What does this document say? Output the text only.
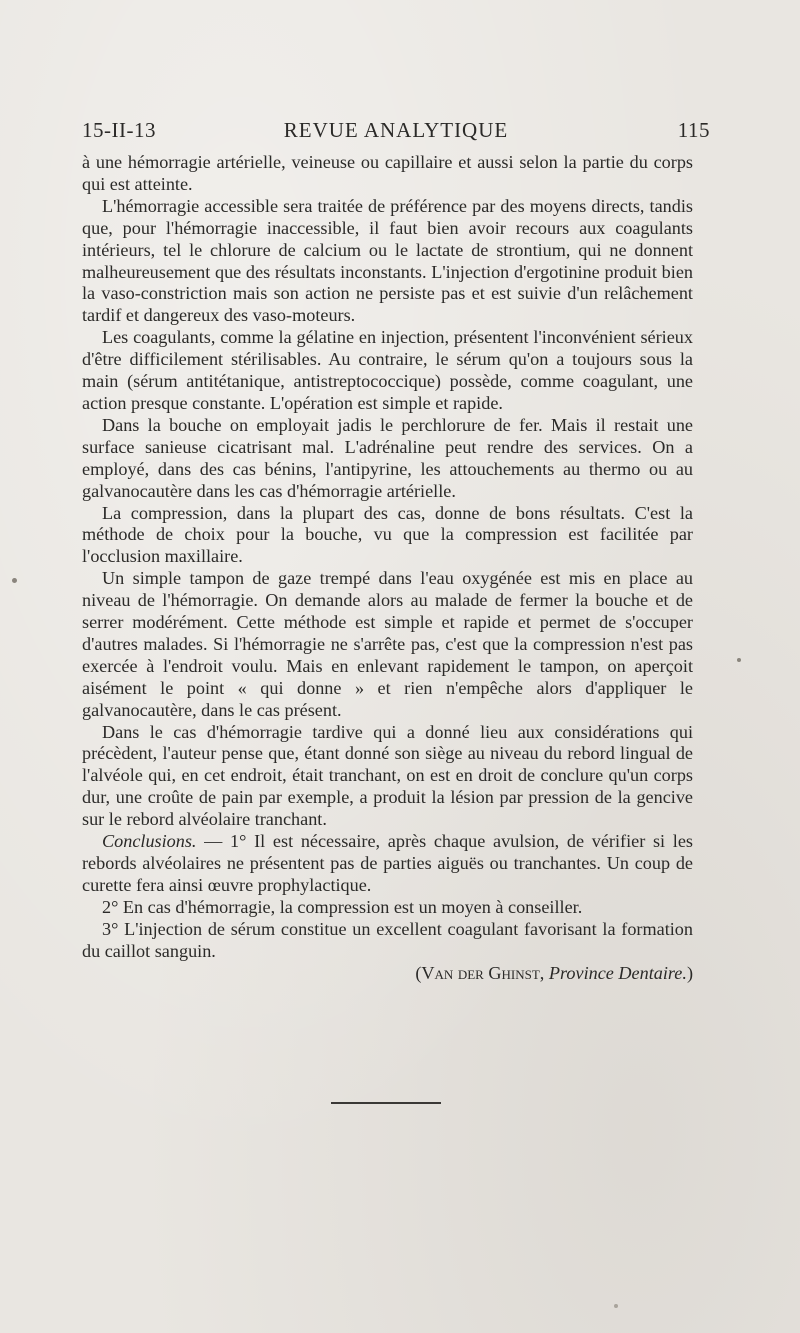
15-II-13	REVUE ANALYTIQUE	115

à une hémorragie artérielle, veineuse ou capillaire et aussi selon la partie du corps qui est atteinte.

L'hémorragie accessible sera traitée de préférence par des moyens directs, tandis que, pour l'hémorragie inaccessible, il faut bien avoir recours aux coagulants intérieurs, tel le chlorure de calcium ou le lactate de strontium, qui ne donnent malheureusement que des résultats inconstants. L'injection d'ergotinine produit bien la vaso-constriction mais son action ne persiste pas et est suivie d'un relâchement tardif et dangereux des vaso-moteurs.

Les coagulants, comme la gélatine en injection, présentent l'inconvénient sérieux d'être difficilement stérilisables. Au contraire, le sérum qu'on a toujours sous la main (sérum antitétanique, antistreptococcique) possède, comme coagulant, une action presque constante. L'opération est simple et rapide.

Dans la bouche on employait jadis le perchlorure de fer. Mais il restait une surface sanieuse cicatrisant mal. L'adrénaline peut rendre des services. On a employé, dans des cas bénins, l'antipyrine, les attouchements au thermo ou au galvanocautère dans les cas d'hémorragie artérielle.

La compression, dans la plupart des cas, donne de bons résultats. C'est la méthode de choix pour la bouche, vu que la compression est facilitée par l'occlusion maxillaire.

Un simple tampon de gaze trempé dans l'eau oxygénée est mis en place au niveau de l'hémorragie. On demande alors au malade de fermer la bouche et de serrer modérément. Cette méthode est simple et rapide et permet de s'occuper d'autres malades. Si l'hémorragie ne s'arrête pas, c'est que la compression n'est pas exercée à l'endroit voulu. Mais en enlevant rapidement le tampon, on aperçoit aisément le point « qui donne » et rien n'empêche alors d'appliquer le galvanocautère, dans le cas présent.

Dans le cas d'hémorragie tardive qui a donné lieu aux considérations qui précèdent, l'auteur pense que, étant donné son siège au niveau du rebord lingual de l'alvéole qui, en cet endroit, était tranchant, on est en droit de conclure qu'un corps dur, une croûte de pain par exemple, a produit la lésion par pression de la gencive sur le rebord alvéolaire tranchant.

Conclusions. — 1° Il est nécessaire, après chaque avulsion, de vérifier si les rebords alvéolaires ne présentent pas de parties aiguës ou tranchantes. Un coup de curette fera ainsi œuvre prophylactique.

2° En cas d'hémorragie, la compression est un moyen à conseiller.

3° L'injection de sérum constitue un excellent coagulant favorisant la formation du caillot sanguin.

(Van der Ghinst, Province Dentaire.)
